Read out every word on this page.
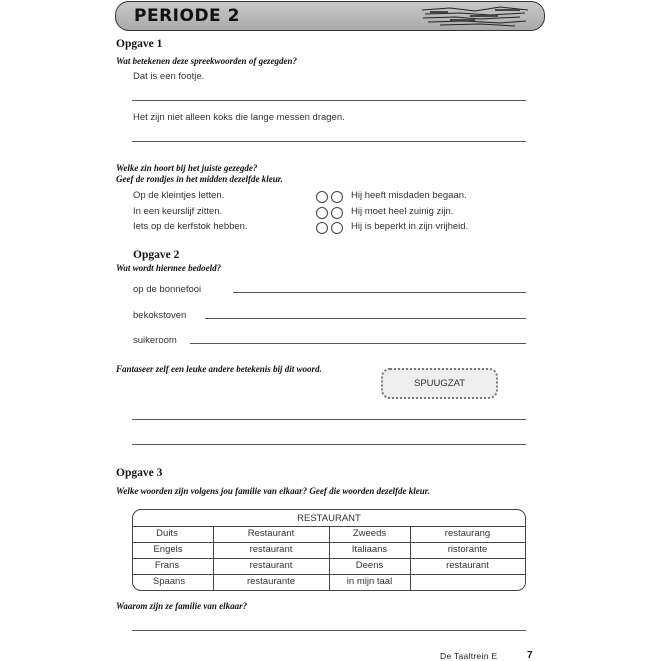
PERIODE 2
Opgave 1
Wat betekenen deze spreekwoorden of gezegden?
Dat is een footje.
Het zijn niet alleen koks die lange messen dragen.
Welke zin hoort bij het juiste gezegde?
Geef de rondjes in het midden dezelfde kleur.
Op de kleintjes letten.
In een keurslijf zitten.
Iets op de kerfstok hebben.
Hij heeft misdaden begaan.
Hij moet heel zuinig zijn.
Hij is beperkt in zijn vrijheid.
Opgave 2
Wat wordt hiermee bedoeld?
op de bonnefooi
bekokstoven
suikeroom
Fantaseer zelf een leuke andere betekenis bij dit woord.
SPUUGZAT
Opgave 3
Welke woorden zijn volgens jou familie van elkaar? Geef die woorden dezelfde kleur.
RESTAURANT
Duits	Restaurant	Zweeds	restaurang
Engels	restaurant	Italiaans	ristorante
Frans	restaurant	Deens	restaurant
Spaans	restaurante	in mijn taal
Waarom zijn ze familie van elkaar?
De Taaltrein E	7
